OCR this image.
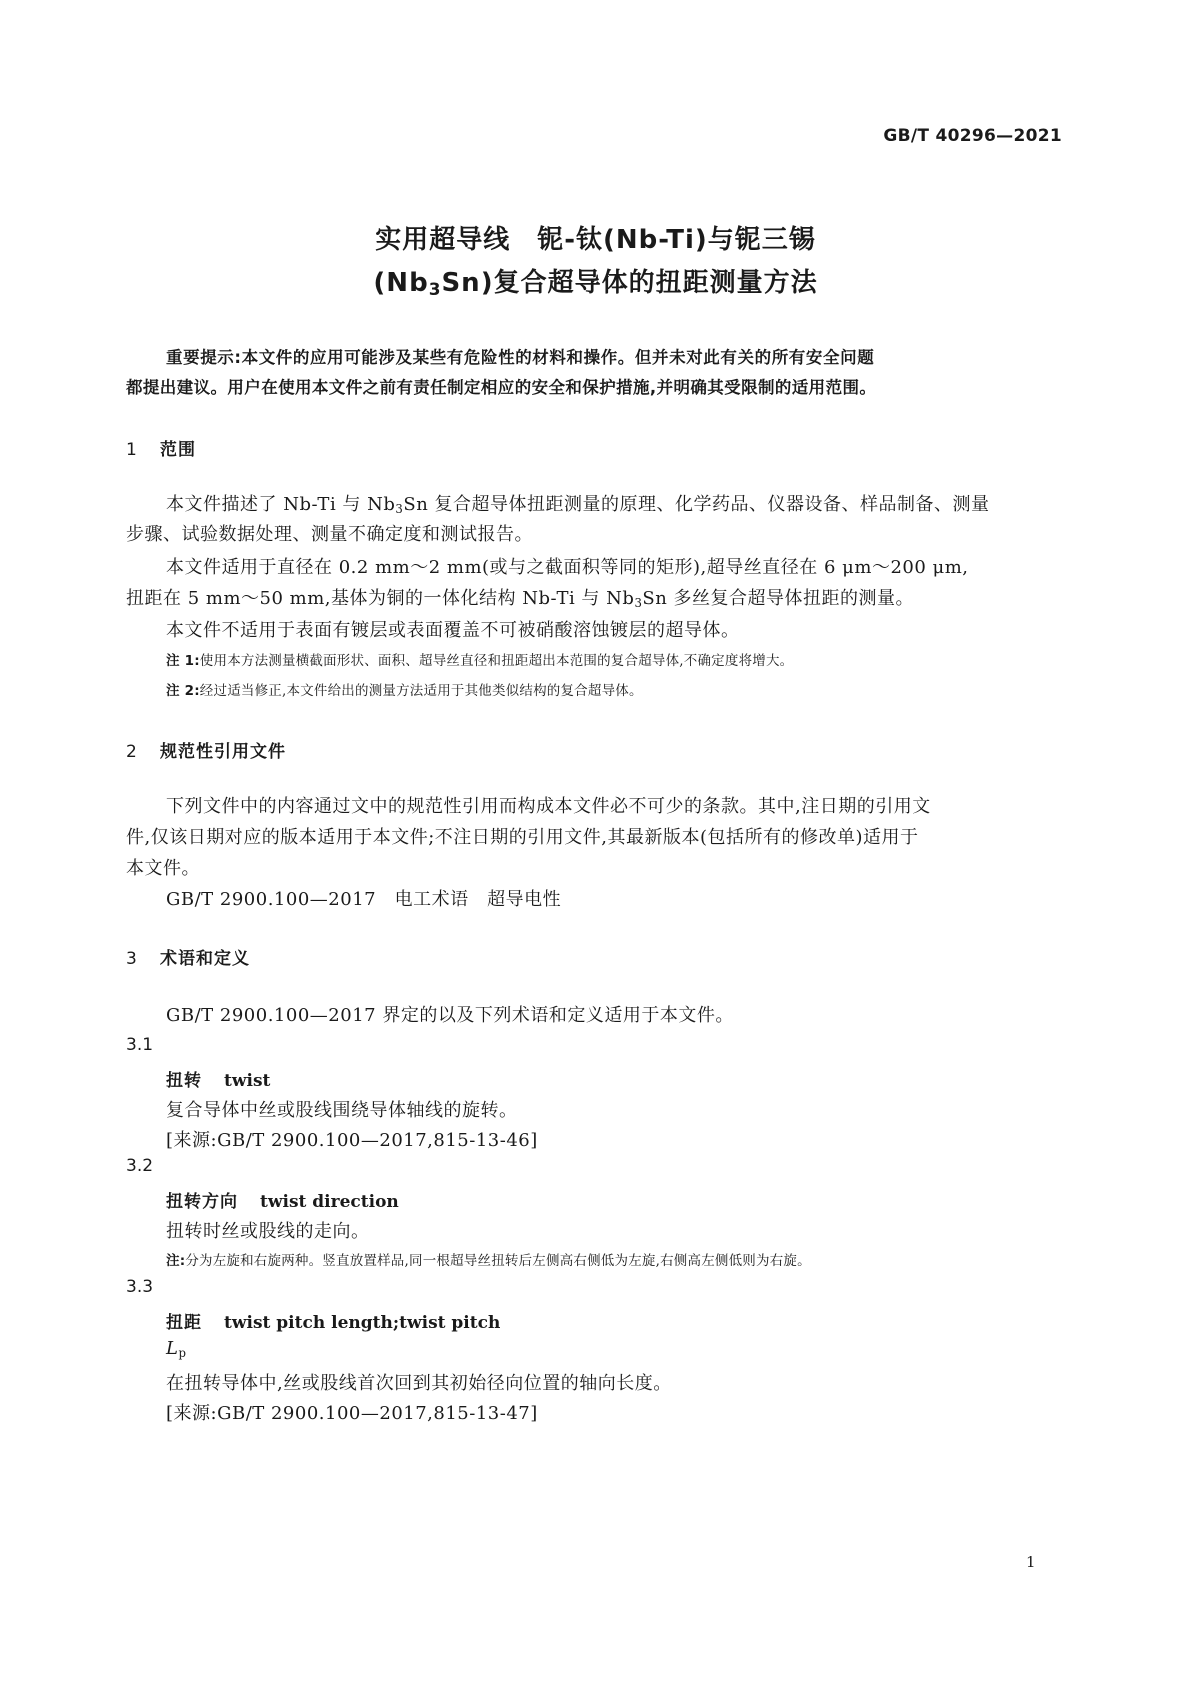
GB/T 40296—2021
实用超导线　铌-钛(Nb-Ti)与铌三锡
$(Nb_3Sn)$复合超导体的扭距测量方法
重要提示:本文件的应用可能涉及某些有危险性的材料和操作。但并未对此有关的所有安全问题
都提出建议。用户在使用本文件之前有责任制定相应的安全和保护措施,并明确其受限制的适用范围。
1 范围
本文件描述了 Nb-Ti 与 $Nb_3Sn$ 复合超导体扭距测量的原理、化学药品、仪器设备、样品制备、测量
步骤、试验数据处理、测量不确定度和测试报告。
本文件适用于直径在 0.2 mm～2 mm(或与之截面积等同的矩形),超导丝直径在 6 μm～200 μm,
扭距在 5 mm～50 mm,基体为铜的一体化结构 Nb-Ti 与 $Nb_3Sn$ 多丝复合超导体扭距的测量。
本文件不适用于表面有镀层或表面覆盖不可被硝酸溶蚀镀层的超导体。
注 1:使用本方法测量横截面形状、面积、超导丝直径和扭距超出本范围的复合超导体,不确定度将增大。
注 2:经过适当修正,本文件给出的测量方法适用于其他类似结构的复合超导体。
2 规范性引用文件
下列文件中的内容通过文中的规范性引用而构成本文件必不可少的条款。其中,注日期的引用文
件,仅该日期对应的版本适用于本文件;不注日期的引用文件,其最新版本(包括所有的修改单)适用于
本文件。
GB/T 2900.100—2017　电工术语　超导电性
3 术语和定义
GB/T 2900.100—2017 界定的以及下列术语和定义适用于本文件。
3.1
扭转 twist
复合导体中丝或股线围绕导体轴线的旋转。
[来源:GB/T 2900.100—2017,815-13-46]
3.2
扭转方向 twist direction
扭转时丝或股线的走向。
注:分为左旋和右旋两种。竖直放置样品,同一根超导丝扭转后左侧高右侧低为左旋,右侧高左侧低则为右旋。
3.3
扭距 twist pitch length;twist pitch
$L_p$
在扭转导体中,丝或股线首次回到其初始径向位置的轴向长度。
[来源:GB/T 2900.100—2017,815-13-47]
1
